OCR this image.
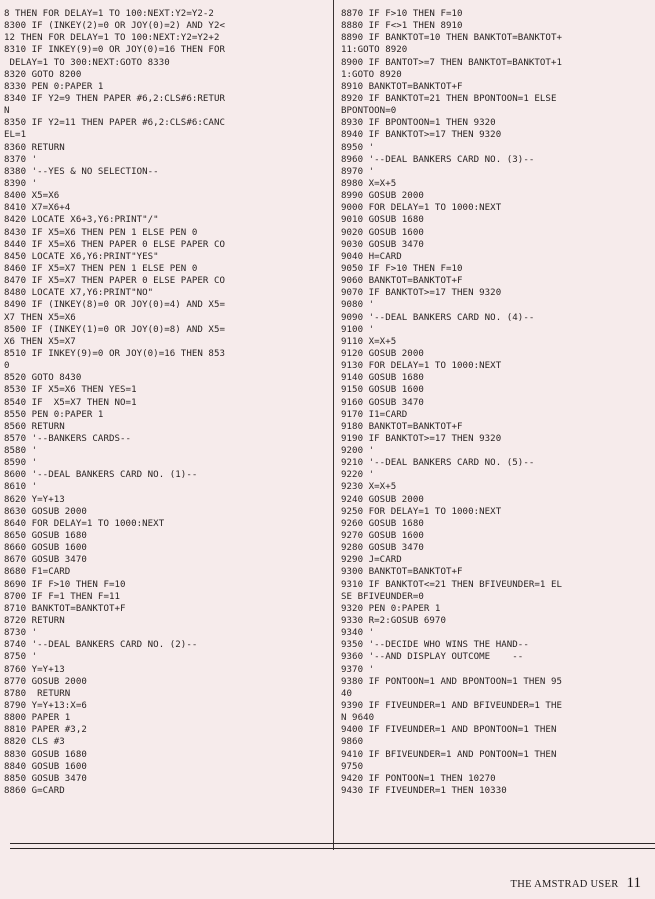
8 THEN FOR DELAY=1 TO 100:NEXT:Y2=Y2-2
8300 IF (INKEY(2)=0 OR JOY(0)=2) AND Y2<
12 THEN FOR DELAY=1 TO 100:NEXT:Y2=Y2+2
8310 IF INKEY(9)=0 OR JOY(0)=16 THEN FOR
DELAY=1 TO 300:NEXT:GOTO 8330
8320 GOTO 8200
8330 PEN 0:PAPER 1
8340 IF Y2=9 THEN PAPER #6,2:CLS#6:RETUR
N
8350 IF Y2=11 THEN PAPER #6,2:CLS#6:CANC
EL=1
8360 RETURN
8370 '
8380 '--YES & NO SELECTION--
8390 '
8400 X5=X6
8410 X7=X6+4
8420 LOCATE X6+3,Y6:PRINT"/"
8430 IF X5=X6 THEN PEN 1 ELSE PEN 0
8440 IF X5=X6 THEN PAPER 0 ELSE PAPER CO
8450 LOCATE X6,Y6:PRINT"YES"
8460 IF X5=X7 THEN PEN 1 ELSE PEN 0
8470 IF X5=X7 THEN PAPER 0 ELSE PAPER CO
8480 LOCATE X7,Y6:PRINT"NO"
8490 IF (INKEY(8)=0 OR JOY(0)=4) AND X5=
X7 THEN X5=X6
8500 IF (INKEY(1)=0 OR JOY(0)=8) AND X5=
X6 THEN X5=X7
8510 IF INKEY(9)=0 OR JOY(0)=16 THEN 853
0
8520 GOTO 8430
8530 IF X5=X6 THEN YES=1
8540 IF  X5=X7 THEN NO=1
8550 PEN 0:PAPER 1
8560 RETURN
8570 '--BANKERS CARDS--
8580 '
8590 '
8600 '--DEAL BANKERS CARD NO. (1)--
8610 '
8620 Y=Y+13
8630 GOSUB 2000
8640 FOR DELAY=1 TO 1000:NEXT
8650 GOSUB 1680
8660 GOSUB 1600
8670 GOSUB 3470
8680 F1=CARD
8690 IF F>10 THEN F=10
8700 IF F=1 THEN F=11
8710 BANKTOT=BANKTOT+F
8720 RETURN
8730 '
8740 '--DEAL BANKERS CARD NO. (2)--
8750 '
8760 Y=Y+13
8770 GOSUB 2000
8780  RETURN
8790 Y=Y+13:X=6
8800 PAPER 1
8810 PAPER #3,2
8820 CLS #3
8830 GOSUB 1680
8840 GOSUB 1600
8850 GOSUB 3470
8860 G=CARD
8870 IF F>10 THEN F=10
8880 IF F<>1 THEN 8910
8890 IF BANKTOT=10 THEN BANKTOT=BANKTOT+
11:GOTO 8920
8900 IF BANTOT>=7 THEN BANKTOT=BANKTOT+1
1:GOTO 8920
8910 BANKTOT=BANKTOT+F
8920 IF BANKTOT=21 THEN BPONTOON=1 ELSE
BPONTOON=0
8930 IF BPONTOON=1 THEN 9320
8940 IF BANKTOT>=17 THEN 9320
8950 '
8960 '--DEAL BANKERS CARD NO. (3)--
8970 '
8980 X=X+5
8990 GOSUB 2000
9000 FOR DELAY=1 TO 1000:NEXT
9010 GOSUB 1680
9020 GOSUB 1600
9030 GOSUB 3470
9040 H=CARD
9050 IF F>10 THEN F=10
9060 BANKTOT=BANKTOT+F
9070 IF BANKTOT>=17 THEN 9320
9080 '
9090 '--DEAL BANKERS CARD NO. (4)--
9100 '
9110 X=X+5
9120 GOSUB 2000
9130 FOR DELAY=1 TO 1000:NEXT
9140 GOSUB 1680
9150 GOSUB 1600
9160 GOSUB 3470
9170 I1=CARD
9180 BANKTOT=BANKTOT+F
9190 IF BANKTOT>=17 THEN 9320
9200 '
9210 '--DEAL BANKERS CARD NO. (5)--
9220 '
9230 X=X+5
9240 GOSUB 2000
9250 FOR DELAY=1 TO 1000:NEXT
9260 GOSUB 1680
9270 GOSUB 1600
9280 GOSUB 3470
9290 J=CARD
9300 BANKTOT=BANKTOT+F
9310 IF BANKTOT<=21 THEN BFIVEUNDER=1 EL
SE BFIVEUNDER=0
9320 PEN 0:PAPER 1
9330 R=2:GOSUB 6970
9340 '
9350 '--DECIDE WHO WINS THE HAND--
9360 '--AND DISPLAY OUTCOME    --
9370 '
9380 IF PONTOON=1 AND BPONTOON=1 THEN 95
40
9390 IF FIVEUNDER=1 AND BFIVEUNDER=1 THE
N 9640
9400 IF FIVEUNDER=1 AND BPONTOON=1 THEN
9860
9410 IF BFIVEUNDER=1 AND PONTOON=1 THEN
9750
9420 IF PONTOON=1 THEN 10270
9430 IF FIVEUNDER=1 THEN 10330
THE AMSTRAD USER 11
